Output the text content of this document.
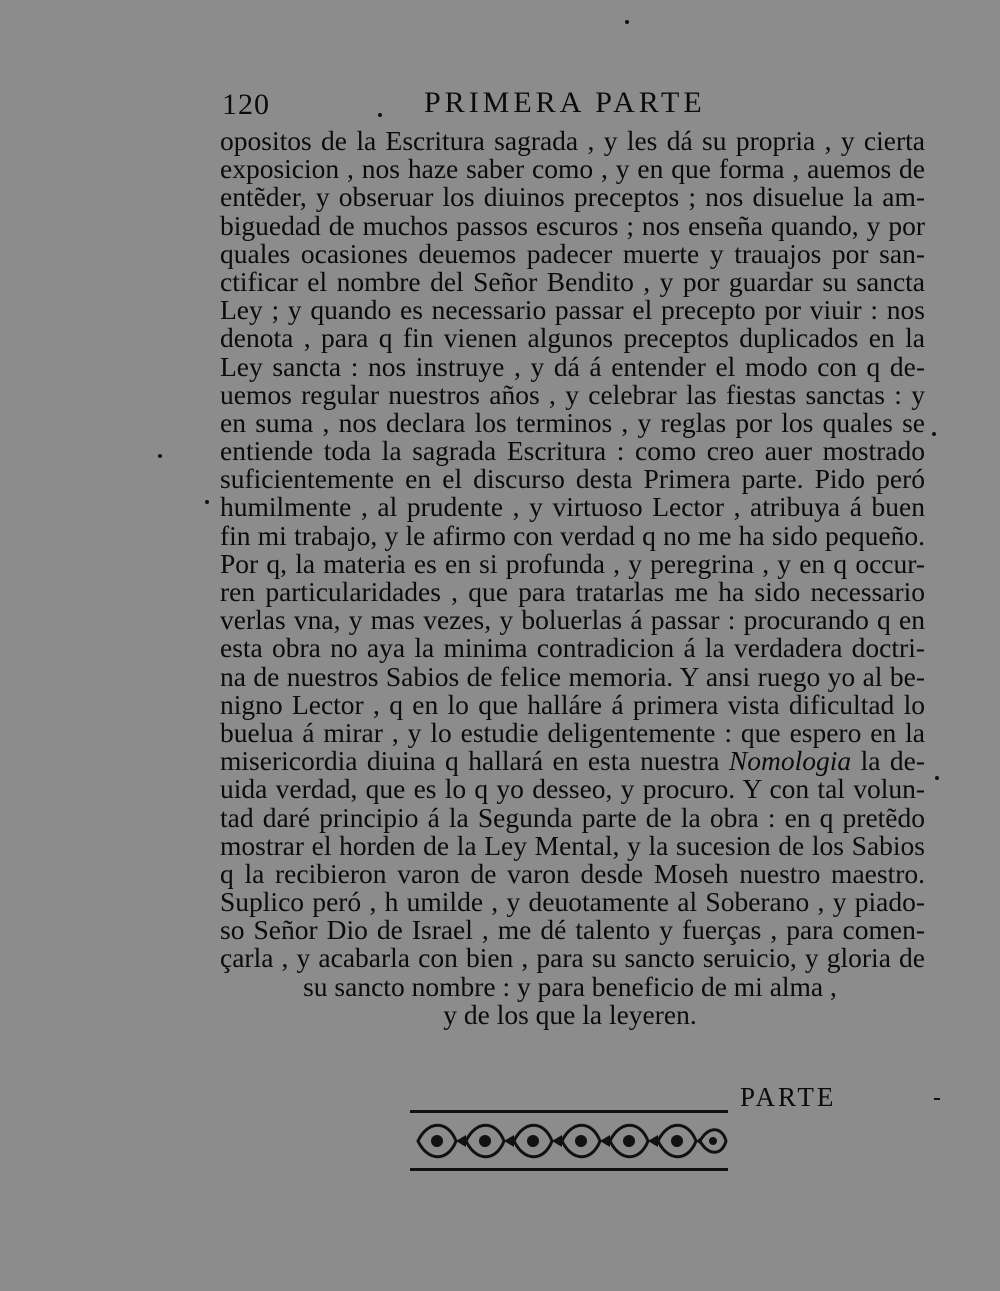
120	PRIMERA PARTE
opositos de la Escritura sagrada , y les dá su propria , y cierta
exposicion , nos haze saber como , y en que forma , auemos de
entẽder, y obseruar los diuinos preceptos ; nos disuelue la am-
biguedad de muchos passos escuros ; nos enseña quando, y por
quales ocasiones deuemos padecer muerte y trauajos por san-
ctificar el nombre del Señor Bendito , y por guardar su sancta
Ley ; y quando es necessario passar el precepto por viuir : nos
denota , para q fin vienen algunos preceptos duplicados en la
Ley sancta : nos instruye , y dá á entender el modo con q de-
uemos regular nuestros años , y celebrar las fiestas sanctas : y
en suma , nos declara los terminos , y reglas por los quales se
entiende toda la sagrada Escritura : como creo auer mostrado
suficientemente en el discurso desta Primera parte. Pido peró
humilmente , al prudente , y virtuoso Lector , atribuya á buen
fin mi trabajo, y le afirmo con verdad q no me ha sido pequeño.
Por q, la materia es en si profunda , y peregrina , y en q occur-
ren particularidades , que para tratarlas me ha sido necessario
verlas vna, y mas vezes, y boluerlas á passar : procurando q en
esta obra no aya la minima contradicion á la verdadera doctri-
na de nuestros Sabios de felice memoria. Y ansi ruego yo al be-
nigno Lector , q en lo que halláre á primera vista dificultad lo
buelua á mirar , y lo estudie deligentemente : que espero en la
misericordia diuina q hallará en esta nuestra Nomologia la de-
uida verdad, que es lo q yo desseo, y procuro. Y con tal volun-
tad daré principio á la Segunda parte de la obra : en q pretẽdo
mostrar el horden de la Ley Mental, y la sucesion de los Sabios
q la recibieron varon de varon desde Moseh nuestro maestro.
Suplico peró , h umilde , y deuotamente al Soberano , y piado-
so Señor Dio de Israel , me dé talento y fuerças , para comen-
çarla , y acabarla con bien , para su sancto seruicio, y gloria de
su sancto nombre : y para beneficio de mi alma ,
y de los que la leyeren.
PARTE
